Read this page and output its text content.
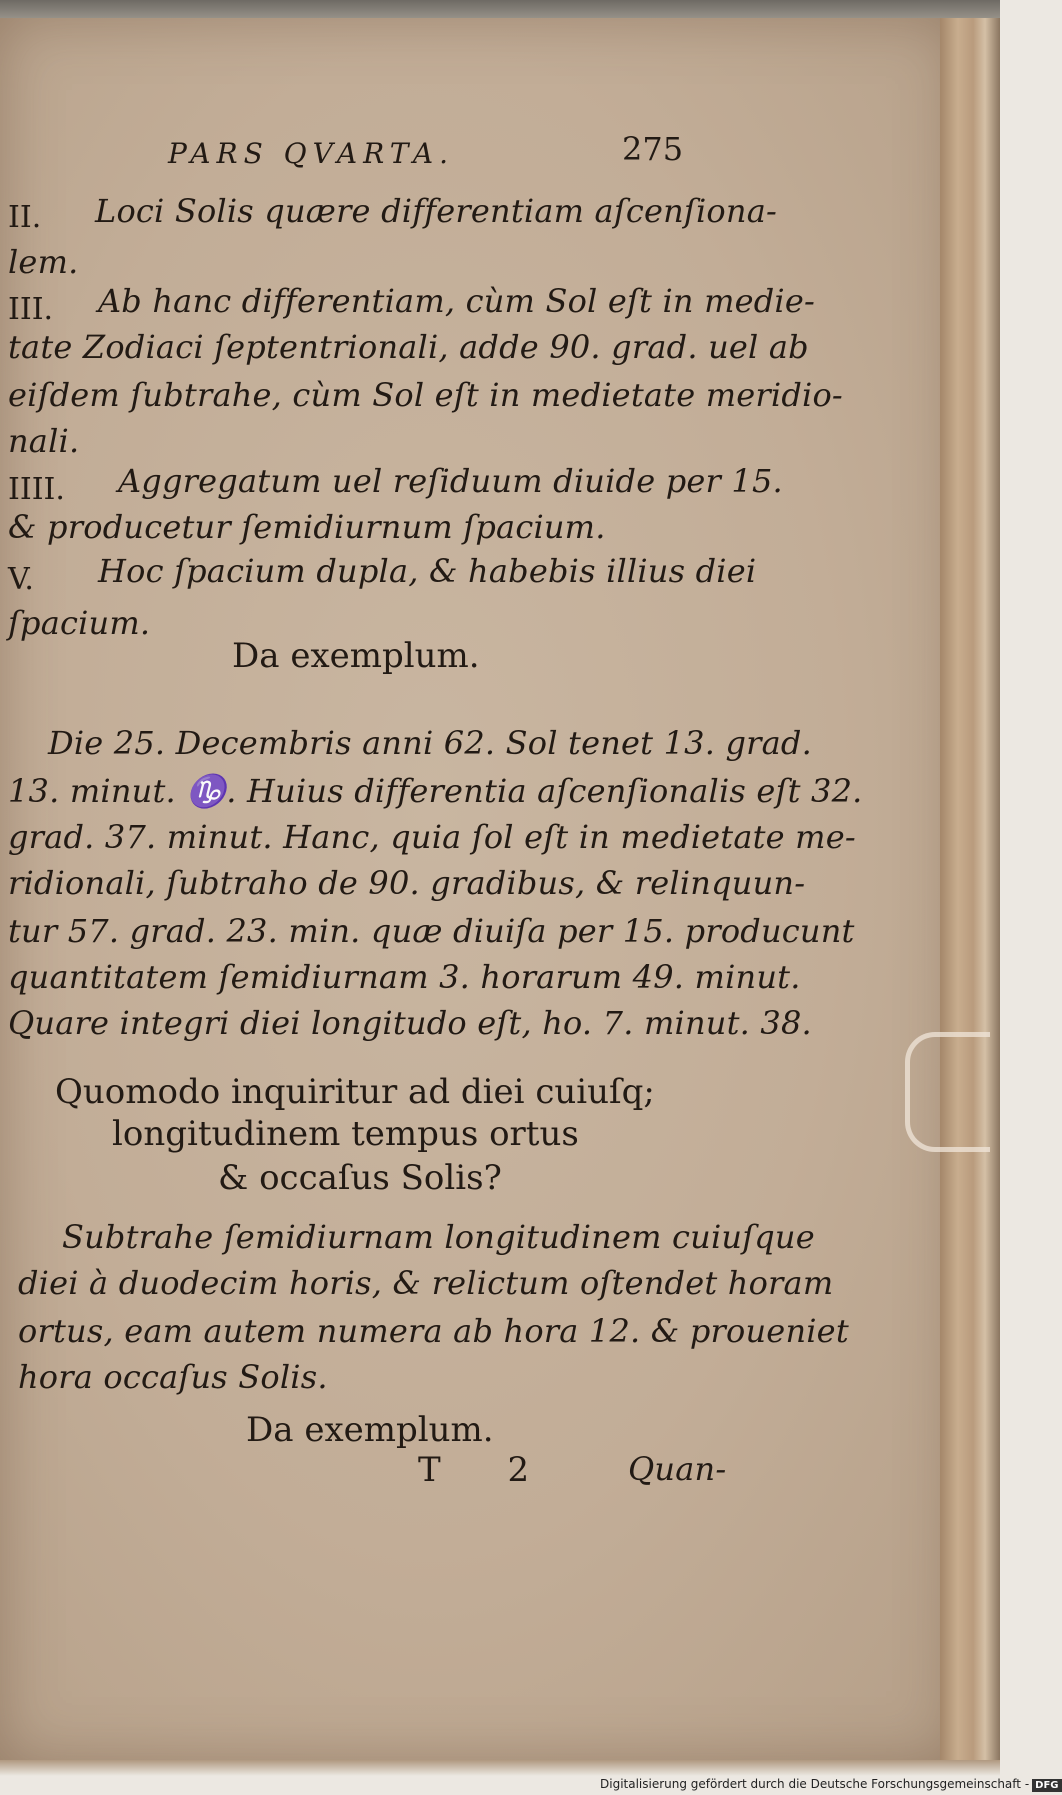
PARS QVARTA.	275
II. Loci Solis quære differentiam aſcenſiona-
lem.
III. Ab hanc differentiam, cùm Sol eſt in medie-
tate Zodiaci ſeptentrionali, adde 90. grad. uel ab
eiſdem ſubtrahe, cùm Sol eſt in medietate meridio-
nali.
IIII. Aggregatum uel reſiduum diuide per 15.
& producetur ſemidiurnum ſpacium.
V. Hoc ſpacium dupla, & habebis illius diei
ſpacium.
Da exemplum.
Die 25. Decembris anni 62. Sol tenet 13. grad.
13. minut. ♑. Huius differentia aſcenſionalis eſt 32.
grad. 37. minut. Hanc, quia ſol eſt in medietate me-
ridionali, ſubtraho de 90. gradibus, & relinquun-
tur 57. grad. 23. min. quæ diuiſa per 15. producunt
quantitatem ſemidiurnam 3. horarum 49. minut.
Quare integri diei longitudo eſt, ho. 7. minut. 38.
Quomodo inquiritur ad diei cuiuſq;
longitudinem tempus ortus
& occaſus Solis?
Subtrahe ſemidiurnam longitudinem cuiuſque
diei à duodecim horis, & relictum oſtendet horam
ortus, eam autem numera ab hora 12. & proueniet
hora occaſus Solis.
Da exemplum.
T 2 Quan-
Digitalisierung gefördert durch die Deutsche Forschungsgemeinschaft - DFG
